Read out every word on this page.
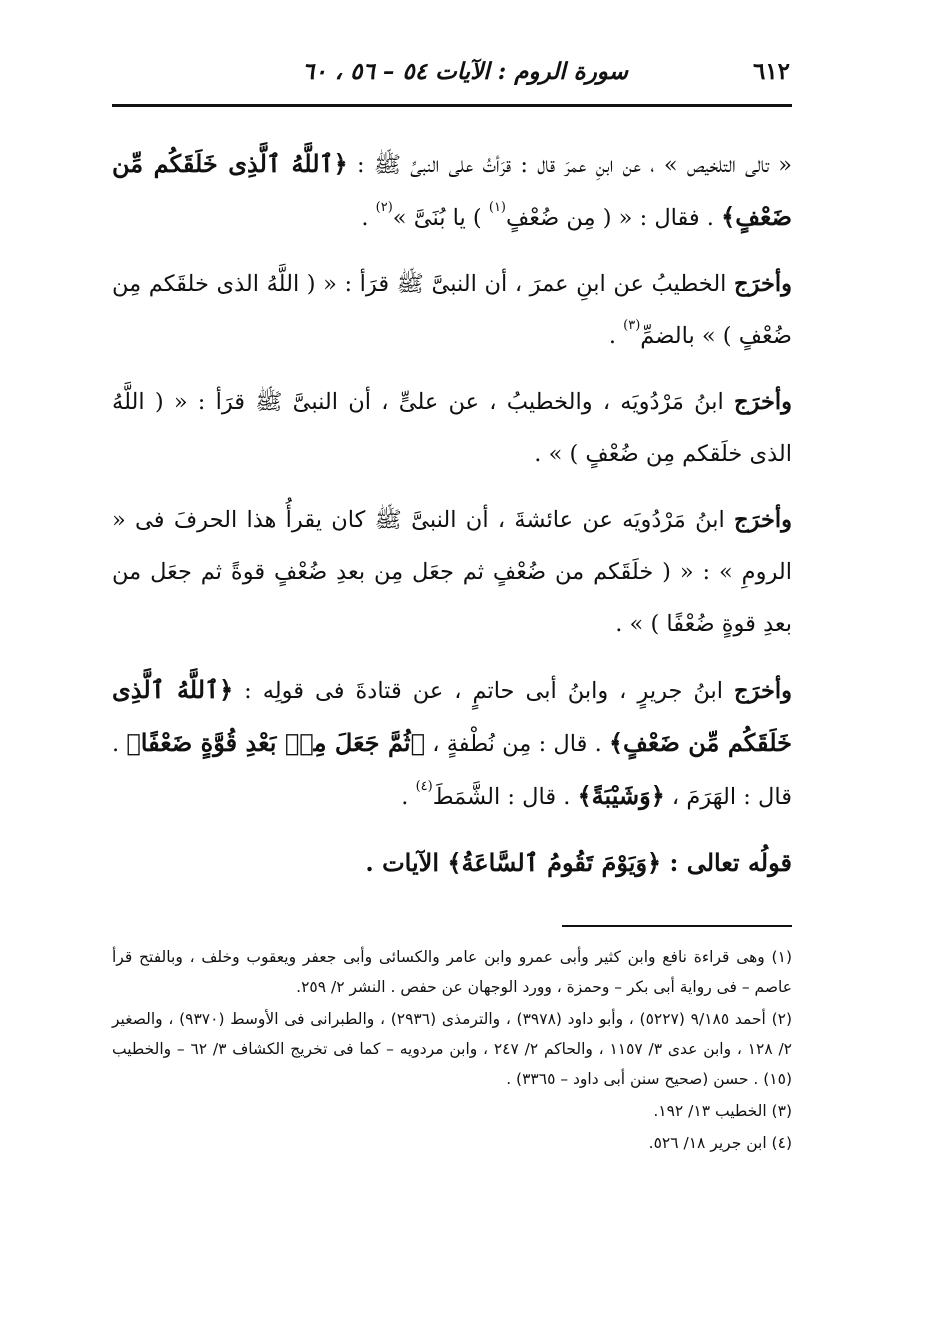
٦١٢
سورة الروم : الآيات ٥٤ – ٥٦ ، ٦٠

« تالى التلخيص » ، عن ابنِ عمرَ قال : قرَأتُ على النبىِّ ﷺ : ﴿ٱللَّهُ ٱلَّذِى خَلَقَكُم مِّن ضَعْفٍ﴾ . فقال : « ( مِن ضُعْفٍ$^{(١)}$ ) يا بُنَىَّ »$^{(٢)}$ .

وأخرَج الخطيبُ عن ابنِ عمرَ ، أن النبىَّ ﷺ قرَأ : « ( اللَّهُ الذى خلقَكم مِن ضُعْفٍ ) » بالضمِّ$^{(٣)}$ .

وأخرَج ابنُ مَرْدُويَه ، والخطيبُ ، عن علىٍّ ، أن النبىَّ ﷺ قرَأ : « ( اللَّهُ الذى خلَقكم مِن ضُعْفٍ ) » .

وأخرَج ابنُ مَرْدُويَه عن عائشةَ ، أن النبىَّ ﷺ كان يقرأُ هذا الحرفَ فى « الرومِ » : « ( خلَقَكم من ضُعْفٍ ثم جعَل مِن بعدِ ضُعْفٍ قوةً ثم جعَل من بعدِ قوةٍ ضُعْفًا ) » .

وأخرَج ابنُ جريرٍ ، وابنُ أبى حاتمٍ ، عن قتادةَ فى قولِه : ﴿ٱللَّهُ ٱلَّذِى خَلَقَكُم مِّن ضَعْفٍ﴾ . قال : مِن نُطْفةٍ ، ﴿ثُمَّ جَعَلَ مِنۢ بَعْدِ قُوَّةٍ ضَعْفًا﴾ . قال : الهَرَمَ ، ﴿وَشَيْبَةً﴾ . قال : الشَّمَطَ$^{(٤)}$ .

قولُه تعالى : ﴿وَيَوْمَ تَقُومُ ٱلسَّاعَةُ﴾ الآيات .

(١) وهى قراءة نافع وابن كثير وأبى عمرو وابن عامر والكسائى وأبى جعفر ويعقوب وخلف ، وبالفتح قرأ عاصم – فى رواية أبى بكر – وحمزة ، وورد الوجهان عن حفص . النشر ٢/ ٢٥٩.

(٢) أحمد ٩/١٨٥ (٥٢٢٧) ، وأبو داود (٣٩٧٨) ، والترمذى (٢٩٣٦) ، والطبرانى فى الأوسط (٩٣٧٠) ، والصغير ٢/ ١٢٨ ، وابن عدى ٣/ ١١٥٧ ، والحاكم ٢/ ٢٤٧ ، وابن مردويه – كما فى تخريج الكشاف ٣/ ٦٢ – والخطيب (١٥) . حسن (صحيح سنن أبى داود – ٣٣٦٥) .

(٣) الخطيب ١٣/ ١٩٢.

(٤) ابن جرير ١٨/ ٥٢٦.
